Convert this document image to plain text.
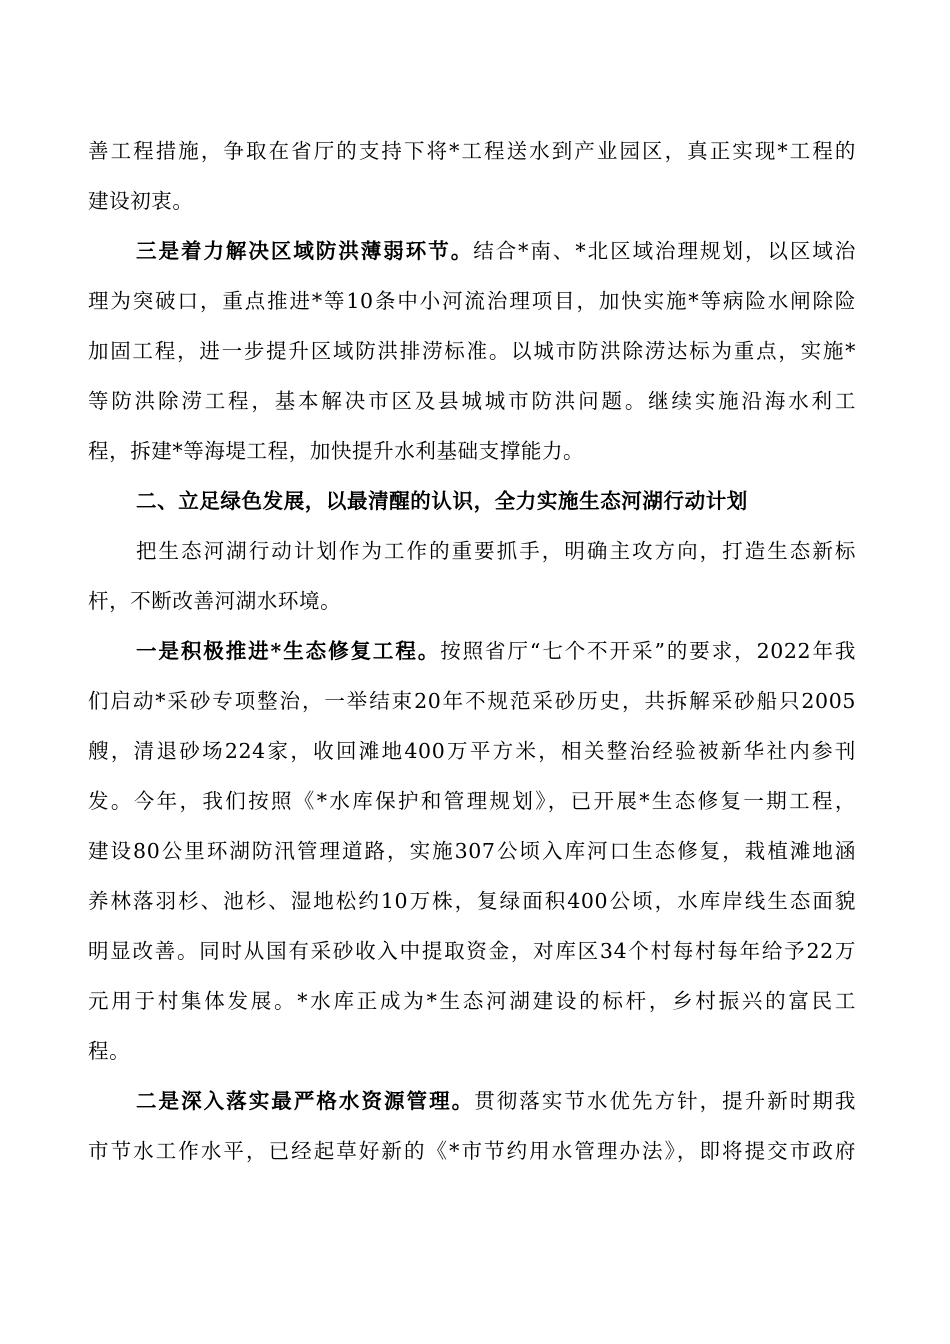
善工程措施，争取在省厅的支持下将*工程送水到产业园区，真正实现*工程的
建设初衷。
三是着力解决区域防洪薄弱环节。结合*南、*北区域治理规划，以区域治
理为突破口，重点推进*等10条中小河流治理项目，加快实施*等病险水闸除险
加固工程，进一步提升区域防洪排涝标准。以城市防洪除涝达标为重点，实施*
等防洪除涝工程，基本解决市区及县城城市防洪问题。继续实施沿海水利工
程，拆建*等海堤工程，加快提升水利基础支撑能力。
二、立足绿色发展，以最清醒的认识，全力实施生态河湖行动计划
把生态河湖行动计划作为工作的重要抓手，明确主攻方向，打造生态新标
杆，不断改善河湖水环境。
一是积极推进*生态修复工程。按照省厅“七个不开采”的要求，2022年我
们启动*采砂专项整治，一举结束20年不规范采砂历史，共拆解采砂船只2005
艘，清退砂场224家，收回滩地400万平方米，相关整治经验被新华社内参刊
发。今年，我们按照《*水库保护和管理规划》，已开展*生态修复一期工程，
建设80公里环湖防汛管理道路，实施307公顷入库河口生态修复，栽植滩地涵
养林落羽杉、池杉、湿地松约10万株，复绿面积400公顷，水库岸线生态面貌
明显改善。同时从国有采砂收入中提取资金，对库区34个村每村每年给予22万
元用于村集体发展。*水库正成为*生态河湖建设的标杆，乡村振兴的富民工
程。
二是深入落实最严格水资源管理。贯彻落实节水优先方针，提升新时期我
市节水工作水平，已经起草好新的《*市节约用水管理办法》，即将提交市政府
